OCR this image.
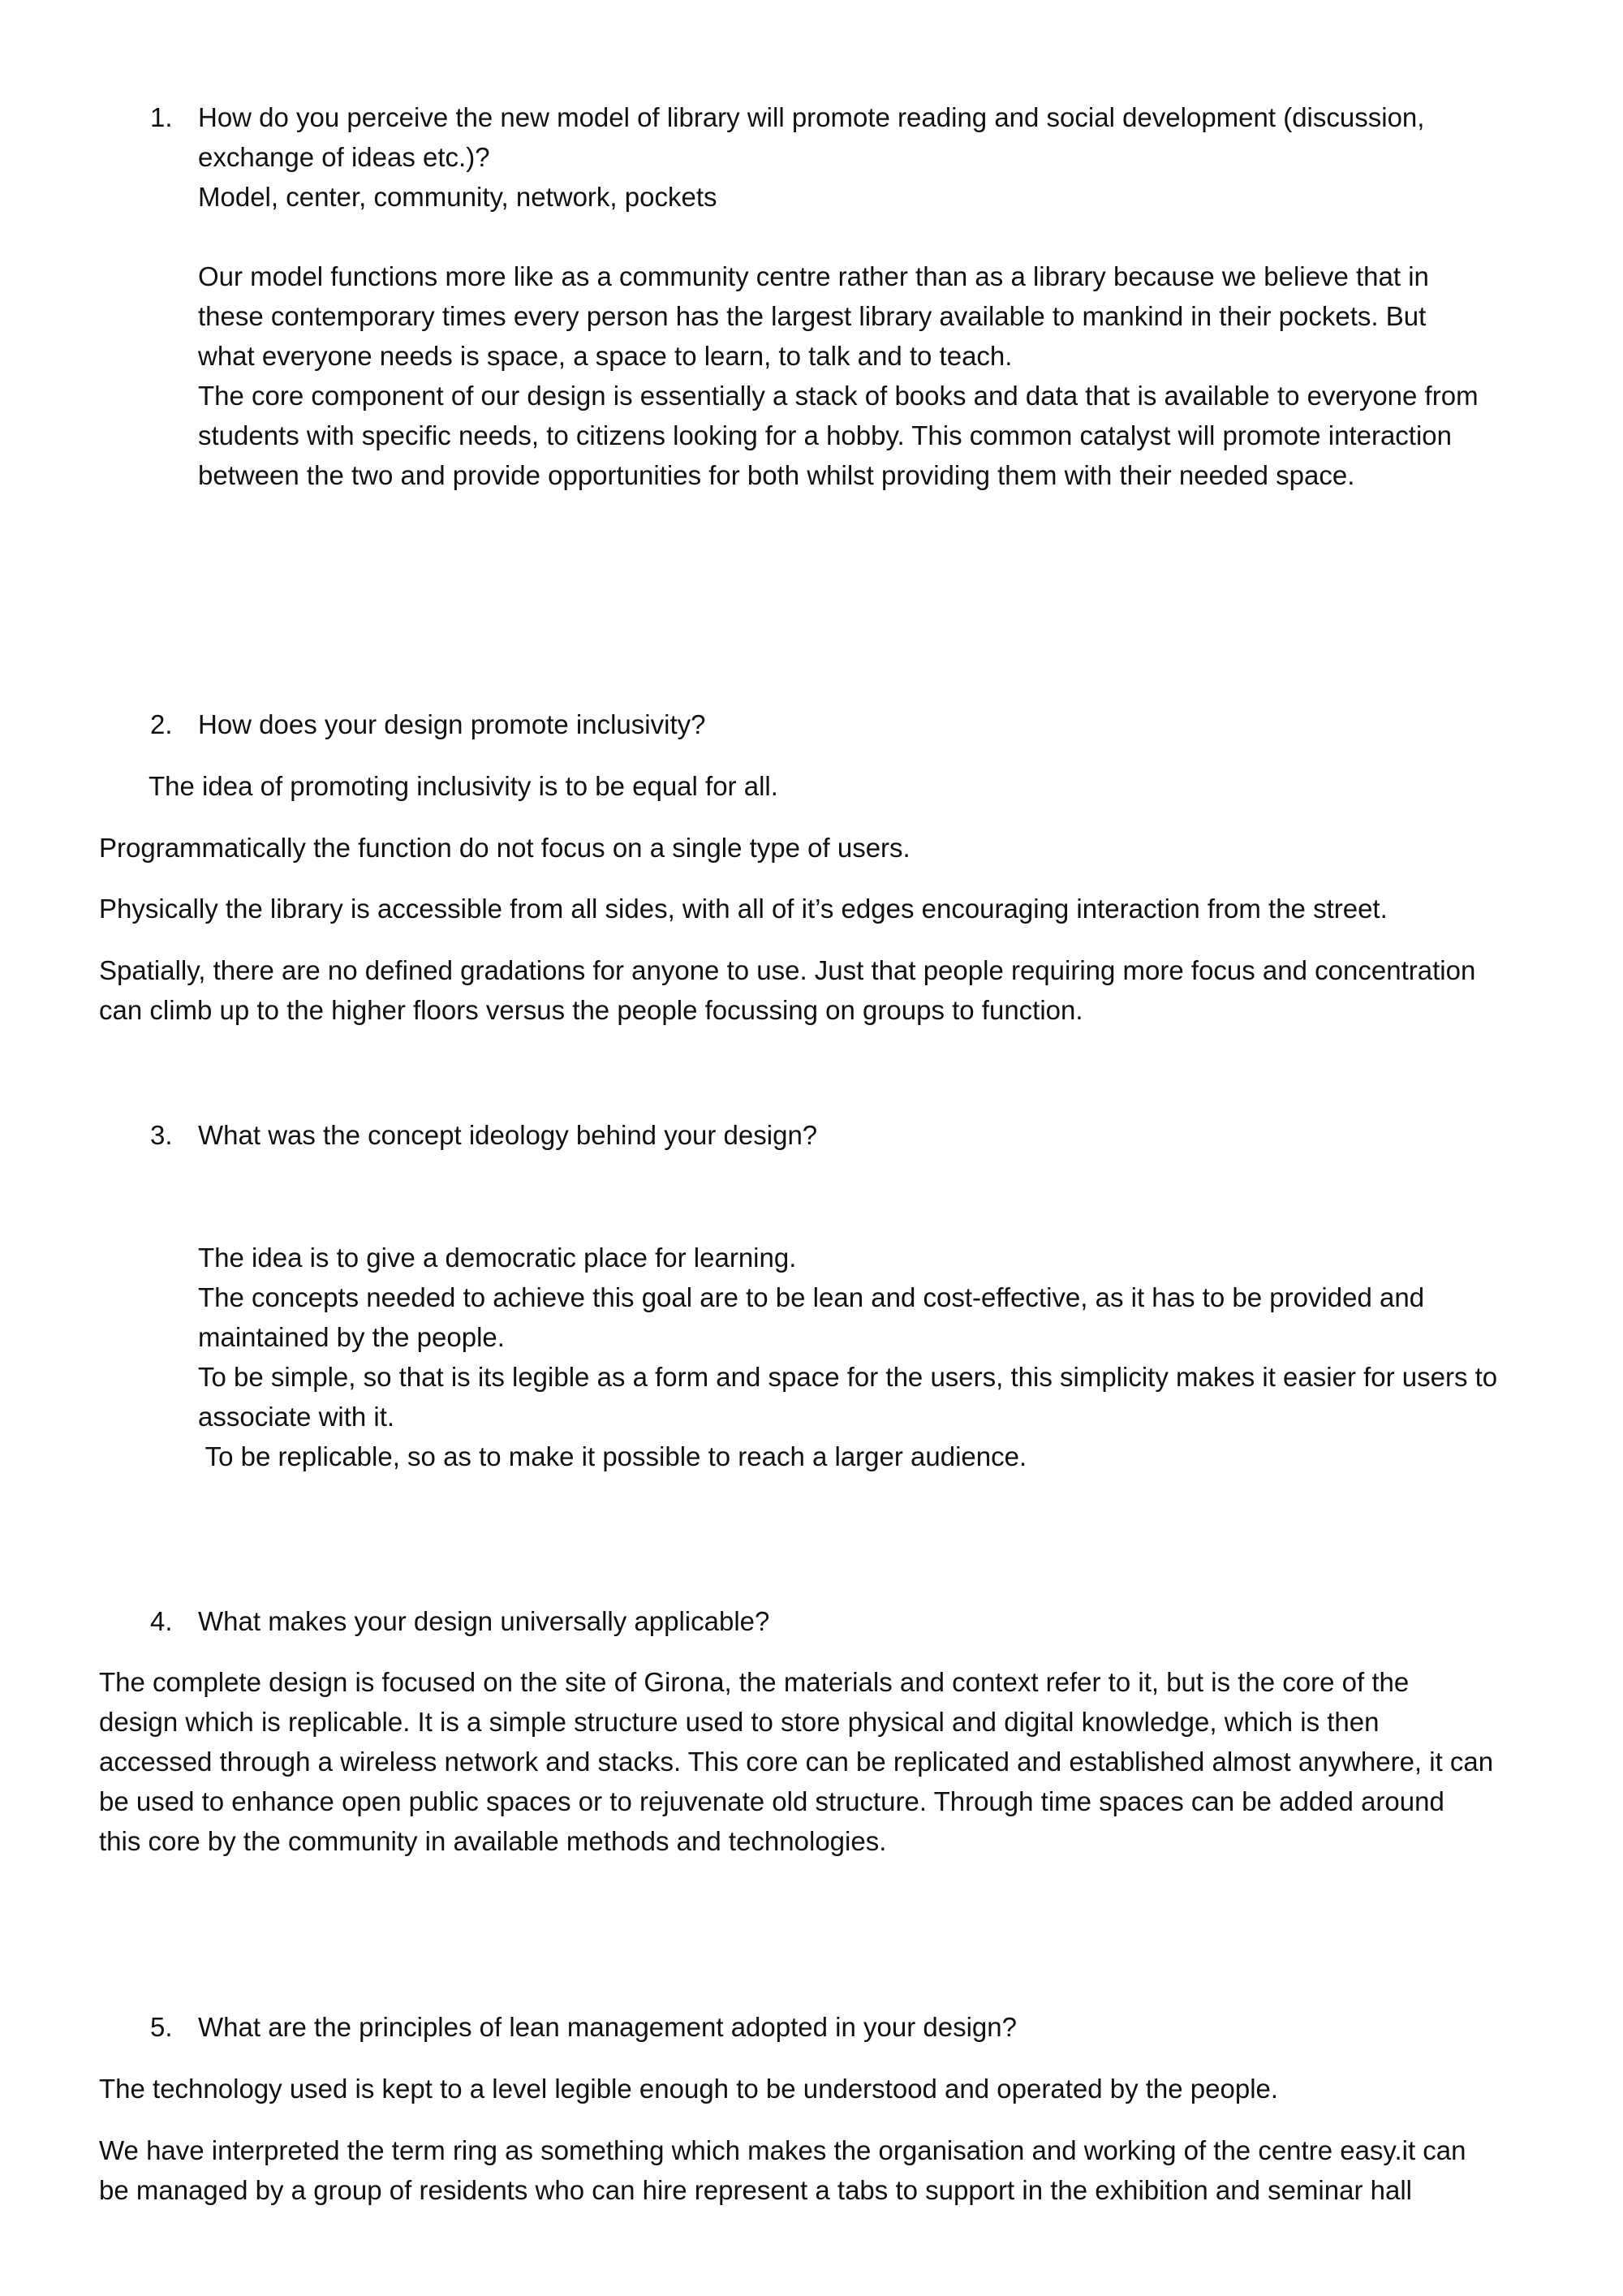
1. How do you perceive the new model of library will promote reading and social development (discussion,
exchange of ideas etc.)?
Model, center, community, network, pockets
Our model functions more like as a community centre rather than as a library because we believe that in
these contemporary times every person has the largest library available to mankind in their pockets. But
what everyone needs is space, a space to learn, to talk and to teach.
The core component of our design is essentially a stack of books and data that is available to everyone from
students with specific needs, to citizens looking for a hobby. This common catalyst will promote interaction
between the two and provide opportunities for both whilst providing them with their needed space.
2. How does your design promote inclusivity?
The idea of promoting inclusivity is to be equal for all.
Programmatically the function do not focus on a single type of users.
Physically the library is accessible from all sides, with all of it’s edges encouraging interaction from the street.
Spatially, there are no defined gradations for anyone to use. Just that people requiring more focus and concentration
can climb up to the higher floors versus the people focussing on groups to function.
3. What was the concept ideology behind your design?
The idea is to give a democratic place for learning.
The concepts needed to achieve this goal are to be lean and cost-effective, as it has to be provided and
maintained by the people.
To be simple, so that is its legible as a form and space for the users, this simplicity makes it easier for users to
associate with it.
To be replicable, so as to make it possible to reach a larger audience.
4. What makes your design universally applicable?
The complete design is focused on the site of Girona, the materials and context refer to it, but is the core of the
design which is replicable. It is a simple structure used to store physical and digital knowledge, which is then
accessed through a wireless network and stacks. This core can be replicated and established almost anywhere, it can
be used to enhance open public spaces or to rejuvenate old structure. Through time spaces can be added around
this core by the community in available methods and technologies.
5. What are the principles of lean management adopted in your design?
The technology used is kept to a level legible enough to be understood and operated by the people.
We have interpreted the term ring as something which makes the organisation and working of the centre easy.it can
be managed by a group of residents who can hire represent a tabs to support in the exhibition and seminar hall
